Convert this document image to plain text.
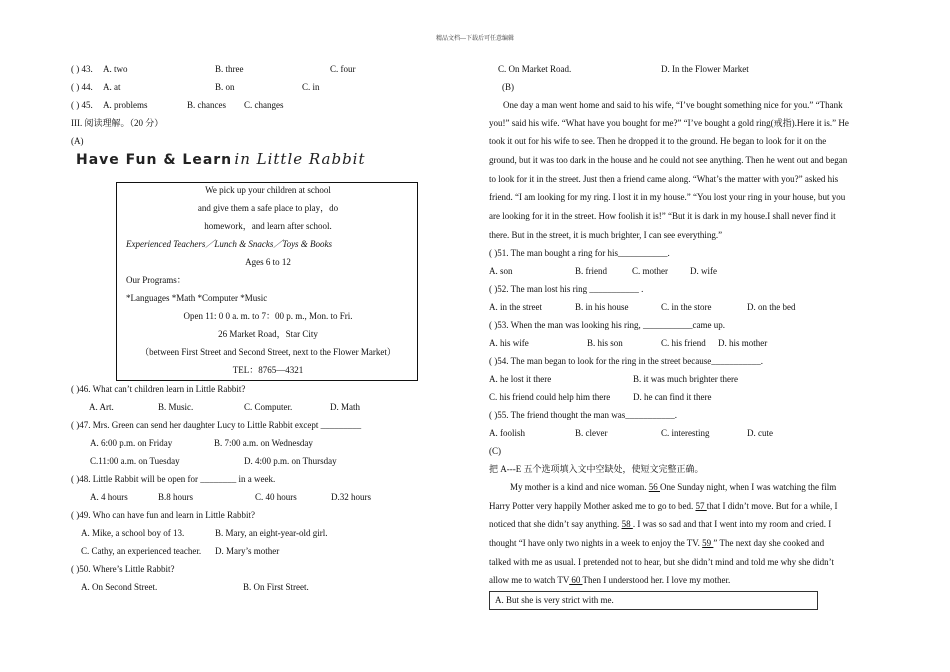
精品文档---下载后可任意编辑
( ) 43. A. two	B. three	C. four
( ) 44. A. at	B. on	C. in
( ) 45. A. problems	B. chances C. changes
III. 阅读理解。（20 分）
(A)
Have Fun & Learn in Little Rabbit
We pick up your children at school
and give them a safe place to play，do
homework，and learn after school.
Experienced Teachers／Lunch & Snacks／Toys & Books
Ages 6 to 12
Our Programs：
*Languages *Math *Computer *Music
Open 11: 0 0 a. m. to 7：00 p. m., Mon. to Fri.
26 Market Road，Star City
（between First Street and Second Street, next to the Flower Market）
TEL：8765—4321
( )46. What can’t children learn in Little Rabbit?
A. Art.	B. Music.	C. Computer.	D. Math
( )47. Mrs. Green can send her daughter Lucy to Little Rabbit except _________
A. 6:00 p.m. on Friday	B. 7:00 a.m. on Wednesday
C.11:00 a.m. on Tuesday	D. 4:00 p.m. on Thursday
( )48. Little Rabbit will be open for ________ in a week.
A. 4 hours	B.8 hours	C. 40 hours	D.32 hours
( )49. Who can have fun and learn in Little Rabbit?
A. Mike, a school boy of 13.	B. Mary, an eight-year-old girl.
C. Cathy, an experienced teacher. D. Mary’s mother
( )50. Where’s Little Rabbit?
A. On Second Street.	B. On First Street.
C. On Market Road.	D. In the Flower Market
(B)
One day a man went home and said to his wife, “I’ve bought something nice for you.” “Thank
you!” said his wife. “What have you bought for me?” “I’ve bought a gold ring(戒指).Here it is.” He
took it out for his wife to see. Then he dropped it to the ground. He began to look for it on the
ground, but it was too dark in the house and he could not see anything. Then he went out and began
to look for it in the street. Just then a friend came along. “What’s the matter with you?” asked his
friend. “I am looking for my ring. I lost it in my house.” “You lost your ring in your house, but you
are looking for it in the street. How foolish it is!” “But it is dark in my house.I shall never find it
there. But in the street, it is much brighter, I can see everything.”
( )51. The man bought a ring for his___________.
A. son	B. friend	C. mother D. wife
( )52. The man lost his ring ___________ .
A. in the street	B. in his house	C. in the store	D. on the bed
( )53. When the man was looking his ring, ___________came up.
A. his wife	B. his son	C. his friend D. his mother
( )54. The man began to look for the ring in the street because___________.
A. he lost it there	B. it was much brighter there
C. his friend could help him there	D. he can find it there
( )55. The friend thought the man was___________.
A. foolish	B. clever	C. interesting	D. cute
(C)
把 A---E 五个选项填入文中空缺处，使短文完整正确。
My mother is a kind and nice woman. 56 One Sunday night, when I was watching the film
Harry Potter very happily Mother asked me to go to bed. 57 that I didn’t move. But for a while, I
noticed that she didn’t say anything. 58 . I was so sad and that I went into my room and cried. I
thought “I have only two nights in a week to enjoy the TV. 59 ” The next day she cooked and
talked with me as usual. I pretended not to hear, but she didn’t mind and told me why she didn’t
allow me to watch TV 60 Then I understood her. I love my mother.
A. But she is very strict with me.
